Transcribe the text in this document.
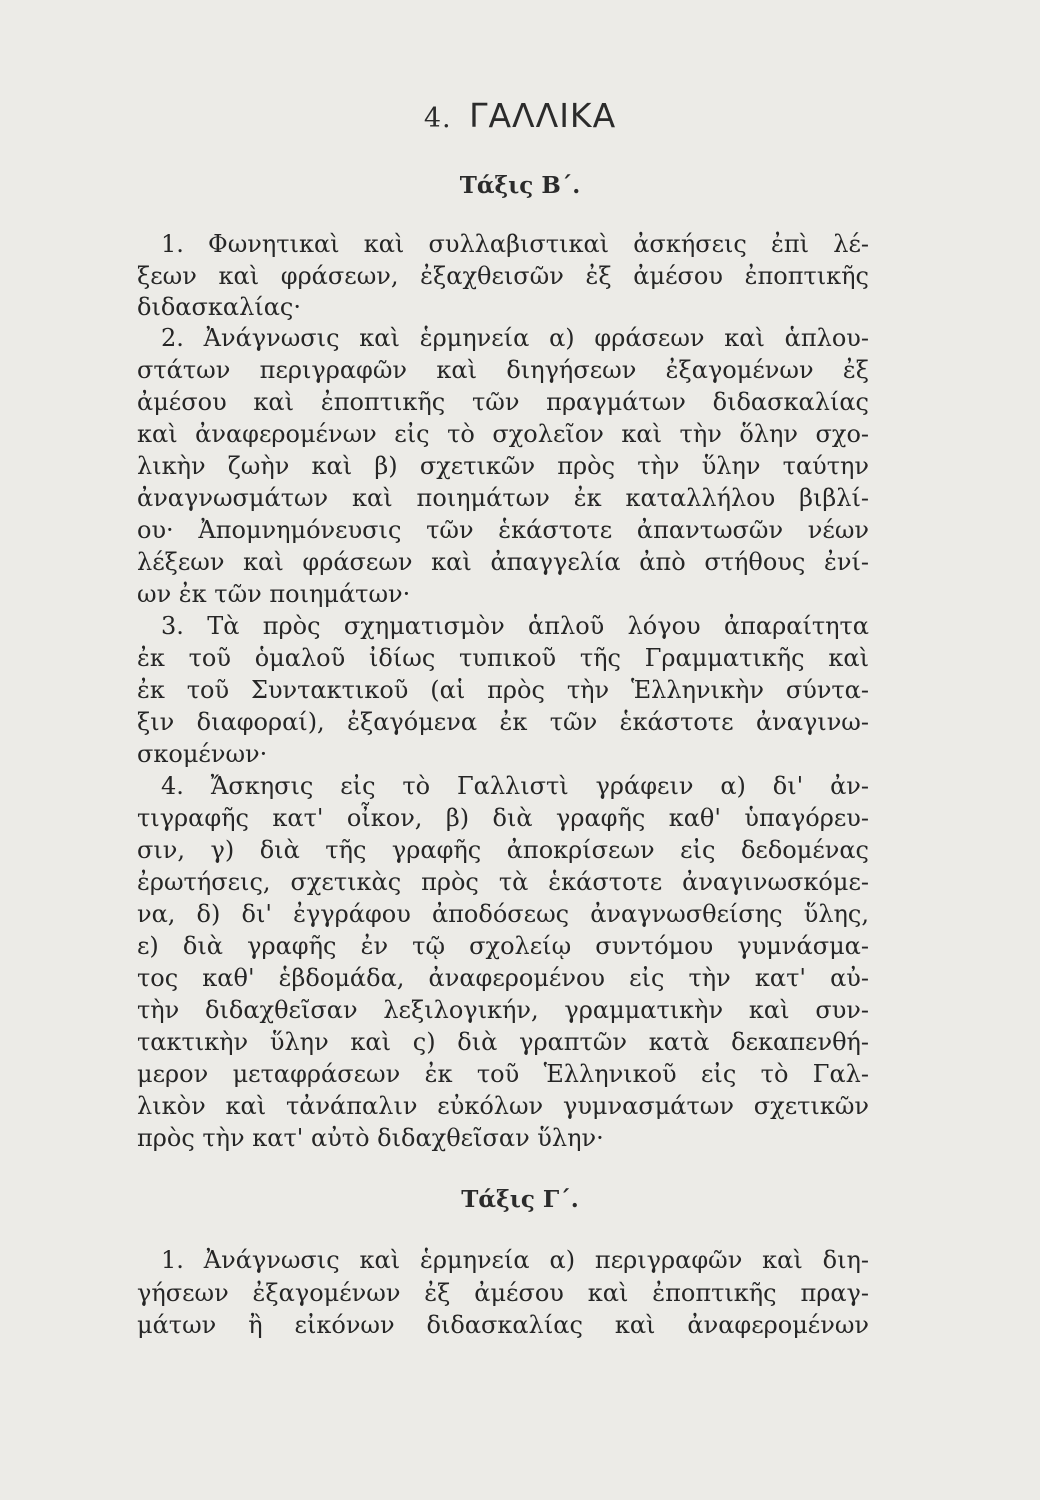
4. ΓΑΛΛΙΚΑ
Τάξις Β΄.
1. Φωνητικαὶ καὶ συλλαβιστικαὶ ἀσκήσεις ἐπὶ λέ-
ξεων καὶ φράσεων, ἐξαχθεισῶν ἐξ ἀμέσου ἐποπτικῆς
διδασκαλίας·
2. Ἀνάγνωσις καὶ ἑρμηνεία α) φράσεων καὶ ἁπλου-
στάτων περιγραφῶν καὶ διηγήσεων ἐξαγομένων ἐξ
ἀμέσου καὶ ἐποπτικῆς τῶν πραγμάτων διδασκαλίας
καὶ ἀναφερομένων εἰς τὸ σχολεῖον καὶ τὴν ὅλην σχο-
λικὴν ζωὴν καὶ β) σχετικῶν πρὸς τὴν ὕλην ταύτην
ἀναγνωσμάτων καὶ ποιημάτων ἐκ καταλλήλου βιβλί-
ου· Ἀπομνημόνευσις τῶν ἑκάστοτε ἀπαντωσῶν νέων
λέξεων καὶ φράσεων καὶ ἀπαγγελία ἀπὸ στήθους ἐνί-
ων ἐκ τῶν ποιημάτων·
3. Τὰ πρὸς σχηματισμὸν ἁπλοῦ λόγου ἀπαραίτητα
ἐκ τοῦ ὁμαλοῦ ἰδίως τυπικοῦ τῆς Γραμματικῆς καὶ
ἐκ τοῦ Συντακτικοῦ (αἱ πρὸς τὴν Ἑλληνικὴν σύντα-
ξιν διαφοραί), ἐξαγόμενα ἐκ τῶν ἑκάστοτε ἀναγινω-
σκομένων·
4. Ἄσκησις εἰς τὸ Γαλλιστὶ γράφειν α) δι' ἀν-
τιγραφῆς κατ' οἶκον, β) διὰ γραφῆς καθ' ὑπαγόρευ-
σιν, γ) διὰ τῆς γραφῆς ἀποκρίσεων εἰς δεδομένας
ἐρωτήσεις, σχετικὰς πρὸς τὰ ἑκάστοτε ἀναγινωσκόμε-
να, δ) δι' ἐγγράφου ἀποδόσεως ἀναγνωσθείσης ὕλης,
ε) διὰ γραφῆς ἐν τῷ σχολείῳ συντόμου γυμνάσμα-
τος καθ' ἑβδομάδα, ἀναφερομένου εἰς τὴν κατ' αὐ-
τὴν διδαχθεῖσαν λεξιλογικήν, γραμματικὴν καὶ συν-
τακτικὴν ὕλην καὶ ς) διὰ γραπτῶν κατὰ δεκαπενθή-
μερον μεταφράσεων ἐκ τοῦ Ἑλληνικοῦ εἰς τὸ Γαλ-
λικὸν καὶ τἀνάπαλιν εὐκόλων γυμνασμάτων σχετικῶν
πρὸς τὴν κατ' αὐτὸ διδαχθεῖσαν ὕλην·
Τάξις Γ΄.
1. Ἀνάγνωσις καὶ ἑρμηνεία α) περιγραφῶν καὶ διη-
γήσεων ἐξαγομένων ἐξ ἀμέσου καὶ ἐποπτικῆς πραγ-
μάτων ἢ εἰκόνων διδασκαλίας καὶ ἀναφερομένων
